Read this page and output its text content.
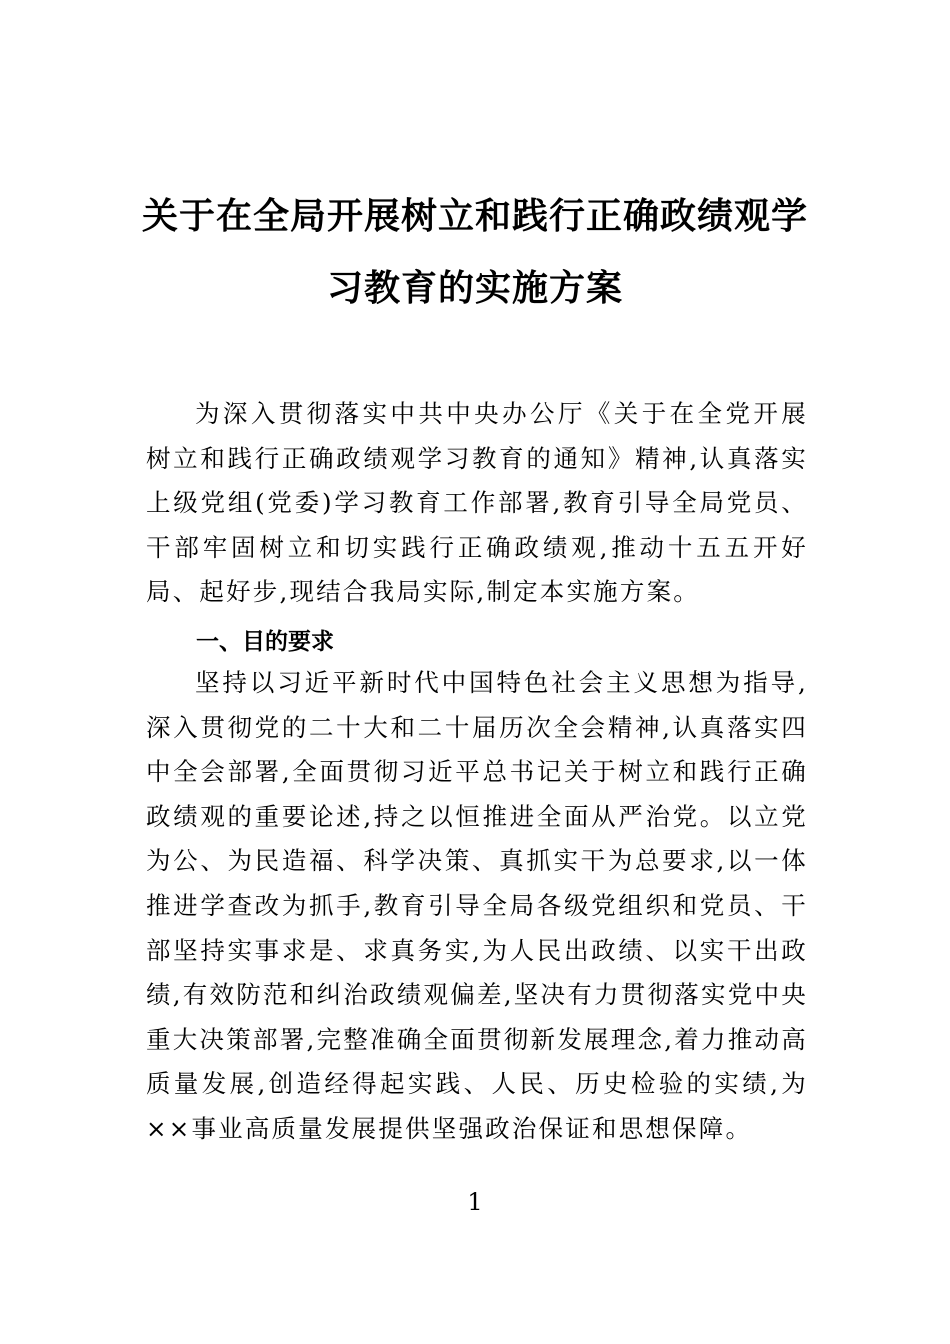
关于在全局开展树立和践行正确政绩观学
习教育的实施方案
为深入贯彻落实中共中央办公厅《关于在全党开展树立和践行正确政绩观学习教育的通知》精神,认真落实上级党组(党委)学习教育工作部署,教育引导全局党员、干部牢固树立和切实践行正确政绩观,推动十五五开好局、起好步,现结合我局实际,制定本实施方案。
一、目的要求
坚持以习近平新时代中国特色社会主义思想为指导,深入贯彻党的二十大和二十届历次全会精神,认真落实四中全会部署,全面贯彻习近平总书记关于树立和践行正确政绩观的重要论述,持之以恒推进全面从严治党。以立党为公、为民造福、科学决策、真抓实干为总要求,以一体推进学查改为抓手,教育引导全局各级党组织和党员、干部坚持实事求是、求真务实,为人民出政绩、以实干出政绩,有效防范和纠治政绩观偏差,坚决有力贯彻落实党中央重大决策部署,完整准确全面贯彻新发展理念,着力推动高质量发展,创造经得起实践、人民、历史检验的实绩,为××事业高质量发展提供坚强政治保证和思想保障。
1
